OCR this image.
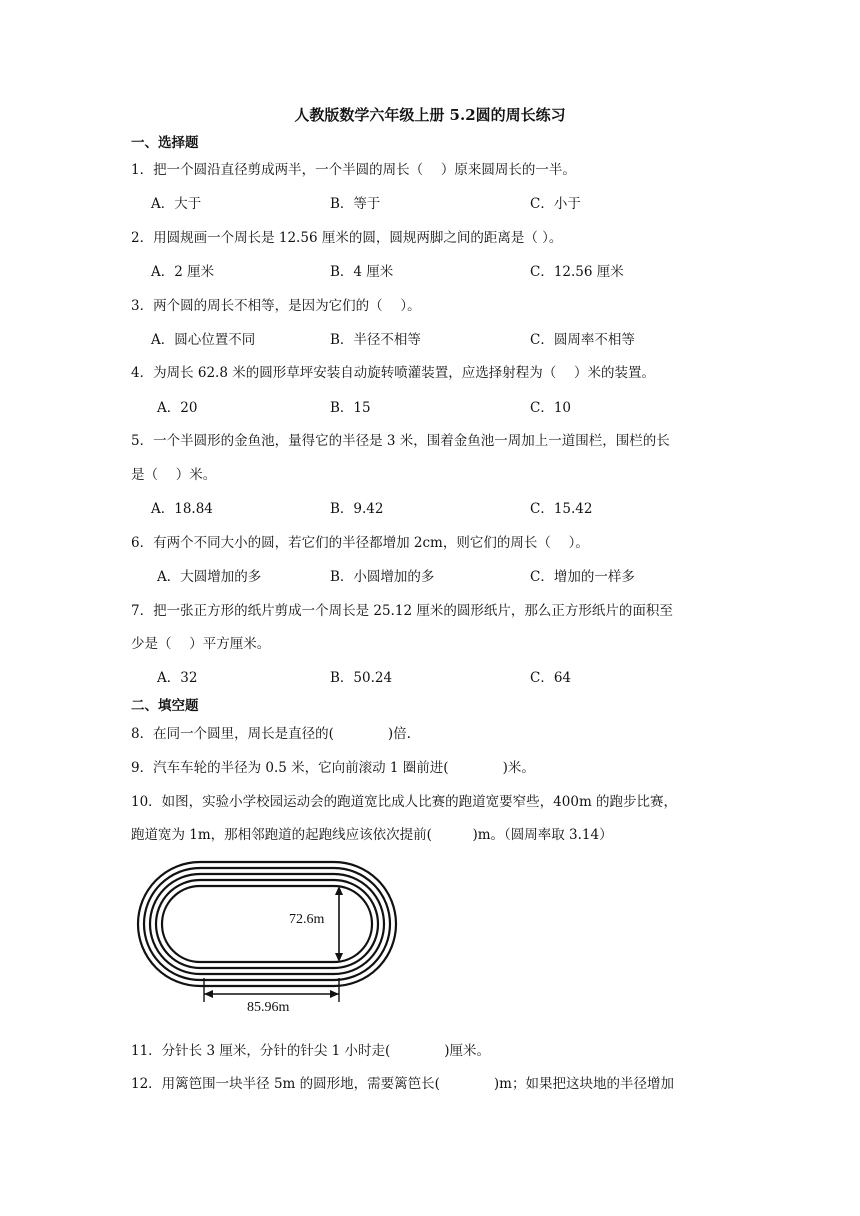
人教版数学六年级上册 5.2圆的周长练习
一、选择题
1．把一个圆沿直径剪成两半，一个半圆的周长（　 ）原来圆周长的一半。
A．大于	B．等于	C．小于
2．用圆规画一个周长是 12.56 厘米的圆，圆规两脚之间的距离是（ ）。
A．2 厘米	B．4 厘米	C．12.56 厘米
3．两个圆的周长不相等，是因为它们的（　 ）。
A．圆心位置不同	B．半径不相等	C．圆周率不相等
4．为周长 62.8 米的圆形草坪安装自动旋转喷灌装置，应选择射程为（　 ）米的装置。
A．20	B．15	C．10
5．一个半圆形的金鱼池，量得它的半径是 3 米，围着金鱼池一周加上一道围栏，围栏的长
是（　 ）米。
A．18.84	B．9.42	C．15.42
6．有两个不同大小的圆，若它们的半径都增加 2cm，则它们的周长（　 ）。
A．大圆增加的多	B．小圆增加的多	C．增加的一样多
7．把一张正方形的纸片剪成一个周长是 25.12 厘米的圆形纸片，那么正方形纸片的面积至
少是（　 ）平方厘米。
A．32	B．50.24	C．64
二、填空题
8．在同一个圆里，周长是直径的(　　　　)倍.
9．汽车车轮的半径为 0.5 米，它向前滚动 1 圈前进(　　　　)米。
10．如图，实验小学校园运动会的跑道宽比成人比赛的跑道宽要窄些，400m 的跑步比赛，
跑道宽为 1m，那相邻跑道的起跑线应该依次提前(　　　)m。（圆周率取 3.14）
72.6m
85.96m
11．分针长 3 厘米，分针的针尖 1 小时走(　　　　)厘米。
12．用篱笆围一块半径 5m 的圆形地，需要篱笆长(　　　　)m；如果把这块地的半径增加
